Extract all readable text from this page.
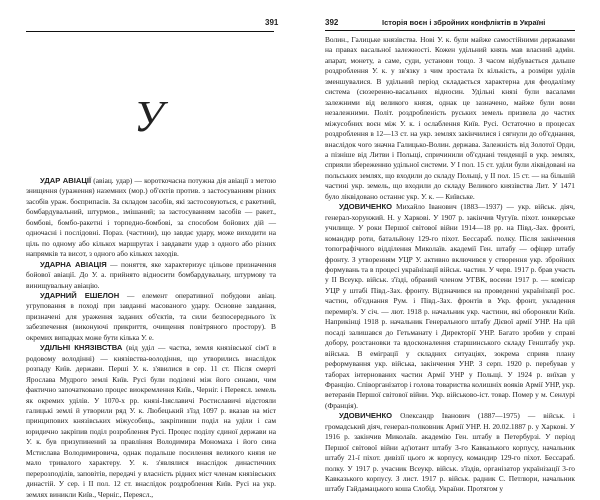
391
У

УДАР АВІАЦІЇ (авіац. удар) — короткочасна потужна дія авіації з метою знищення (ураження) наземних (мор.) об'єктів против. з застосуванням різних засобів ураж. боєприпасів. За складом засобів, які застосовуються, є ракетний, бомбардувальний, штурмов., змішаний; за застосуванням засобів — ракет., бомбові, бомбо-ракетні і торпедно-бомбові, за способом бойових дій — одночасні і послідовні. Пораз. (частини), що завдає удару, може виходити на ціль по одному або кількох маршрутах і завдавати удар з одного або різних напрямків та висот, з одного або кількох заходів.

УДАРНА АВІАЦІЯ — поняття, яке характеризує цільове призначення бойової авіації. До У. а. прийнято відносити бомбардувальну, штурмову та винищувальну авіацію.

УДАРНИЙ ЕШЕЛОН — елемент оперативної побудови авіац. угруповання в поході при завданні масованого удару. Основне завдання, призначені для ураження заданих об'єктів, та сили безпосереднього їх забезпечення (виконуючі прикриття, очищення повітряного простору). В окремих випадках може бути кілька У. е.

УДІЛЬНІ КНЯЗІВСТВА (від уділ — частка, земля князівської сім'ї в родовому володінні) — князівства-володіння, що утворились внаслідок розпаду Київ. держави. Перші У. к. з'явилися в сер. 11 ст. Після смерті Ярослава Мудрого землі Київ. Русі були поділені між його синами, чим фактично започатковано процес виокремлення Київ., Черніг. і Переясл. земель як окремих уділів. У 1070-х рр. князі-Ізяславичі Ростиславичі відстояли галицькі землі й утворили ряд У. к. Любецький з'їзд 1097 р. вказав на міст принципових князівських міжусобиць, закріпивши поділ на уділи і сам юридично закріпив поділ розроблення Русі. Процес поділу єдиної держави на У. к. був призупинений за правління Володимира Мономаха і його сина Мстислава Володимировича, однак подальше посилення великого князя не мало тривалого характеру. У. к. з'являлися внаслідок династичних перерозподілів, заповітів, передачі у власність рідних міст членам князівських династій. У сер. і II пол. 12 ст. внаслідок роздроблення Київ. Русі на укр. землях виникли Київ., Черніг., Переясл.,

392	Історія воєн і збройних конфліктів в Україні

Волин., Галицьке князівства. Нові У. к. були майже самостійними державами на правах васальної залежності. Кожен удільний князь мав власний адмін. апарат, монету, а саме, суди, установи тощо. З часом відбувається дальше роздроблення У. к. у зв'язку з чим зростала їх кількість, а розміри уділів зменшувалися. В удільний період складається характерна для феодалізму система (сюзеренно-васальних відносин. Удільні князі були васалами залежними від великого князя, однак це зазначено, майже були вони незалежними. Політ. роздробленість руських земель призвела до частих міжусобних воєн між У. к. і ослаблення Київ. Русі. Остаточно в процесах роздроблення в 12—13 ст. на укр. землях закінчилися і сягнули до об'єднання, внаслідок чого значна Галицько-Волин. держава. Залежність від Золотої Орди, а пізніше від Литви і Польщі, спричинили об'єднані тенденції в укр. землях, сприяли збереженню удільної системи. У I пол. 15 ст. уділи були ліквідовані на польських землях, що входили до складу Польщі, у II пол. 15 ст. — на більшій частині укр. земель, що входили до складу Великого князівства Лит. У 1471 було ліквідовано останнє укр. У. к. — Київське.

УДОВИЧЕНКО Михайло Іванович (1883—1937) — укр. військ. діяч, генерал-хорунжий. Н. у Харкові. У 1907 р. закінчив Чугуїв. піхот. юнкерське училище. У роки Першої світової війни 1914—18 рр. на Півд.-Зах. фронті, командир роти, батальйону 129-го піхот. Бессараб. полку. Після закінчення топографічного відділення Миколаїв. академії Ген. штабу — офіцер штабу фронту. З утворенням УЦР У. активно включився у створення укр. збройних формувань та в процесі українізації військ. частин. У черв. 1917 р. брав участь у II Всеукр. військ. з'їзді, обраний членом УГВК, восени 1917 р. — комісар УЦР у штабі Півд.-Зах. фронту. Відзначився на проведенні українізації рос. частин, об'єднання Рум. і Півд.-Зах. фронтів в Укр. фронт, укладення перемир'я. У січ. — лют. 1918 р. начальник укр. частини, які обороняли Київ. Наприкінці 1918 р. начальник Генерального штабу Дієвої армії УНР. На цій посаді залишався до Гетьманату і Директорії УНР. Багато зробив у справі добору, розстановки та вдосконалення старшинського складу Генштабу укр. війська. В еміграції у складних ситуаціях, зокрема сприяв плану реформування укр. війська, закінчення УНР. З серп. 1920 р. перебував у таборах інтернованих частин Армії УНР у Польщі. У 1924 р. виїхав у Францію. Співорганізатор і голова товариства колишніх вояків Армії УНР, укр. ветеранів Першої світової війни. Укр. військово-іст. товар. Помер у м. Сенлурі (Франція).

УДОВИЧЕНКО Олександр Іванович (1887—1975) — військ. і громадський діяч, генерал-полковник Армії УНР. Н. 20.02.1887 р. у Харкові. У 1916 р. закінчив Миколаїв. академію Ген. штабу в Петербурзі. У період Першої світової війни ад'ютант штабу 3-го Кавказького корпусу, начальник штабу 21-ї піхот. дивізії цього ж корпусу, командир 129-го піхот. Бессараб. полку. У 1917 р. учасник Всеукр. військ. з'їздів, організатор українізації 3-го Кавказького корпусу. З лист. 1917 р. військ. радник С. Петлюри, начальник штабу Гайдамацького коша Слобід. України. Протягом у
